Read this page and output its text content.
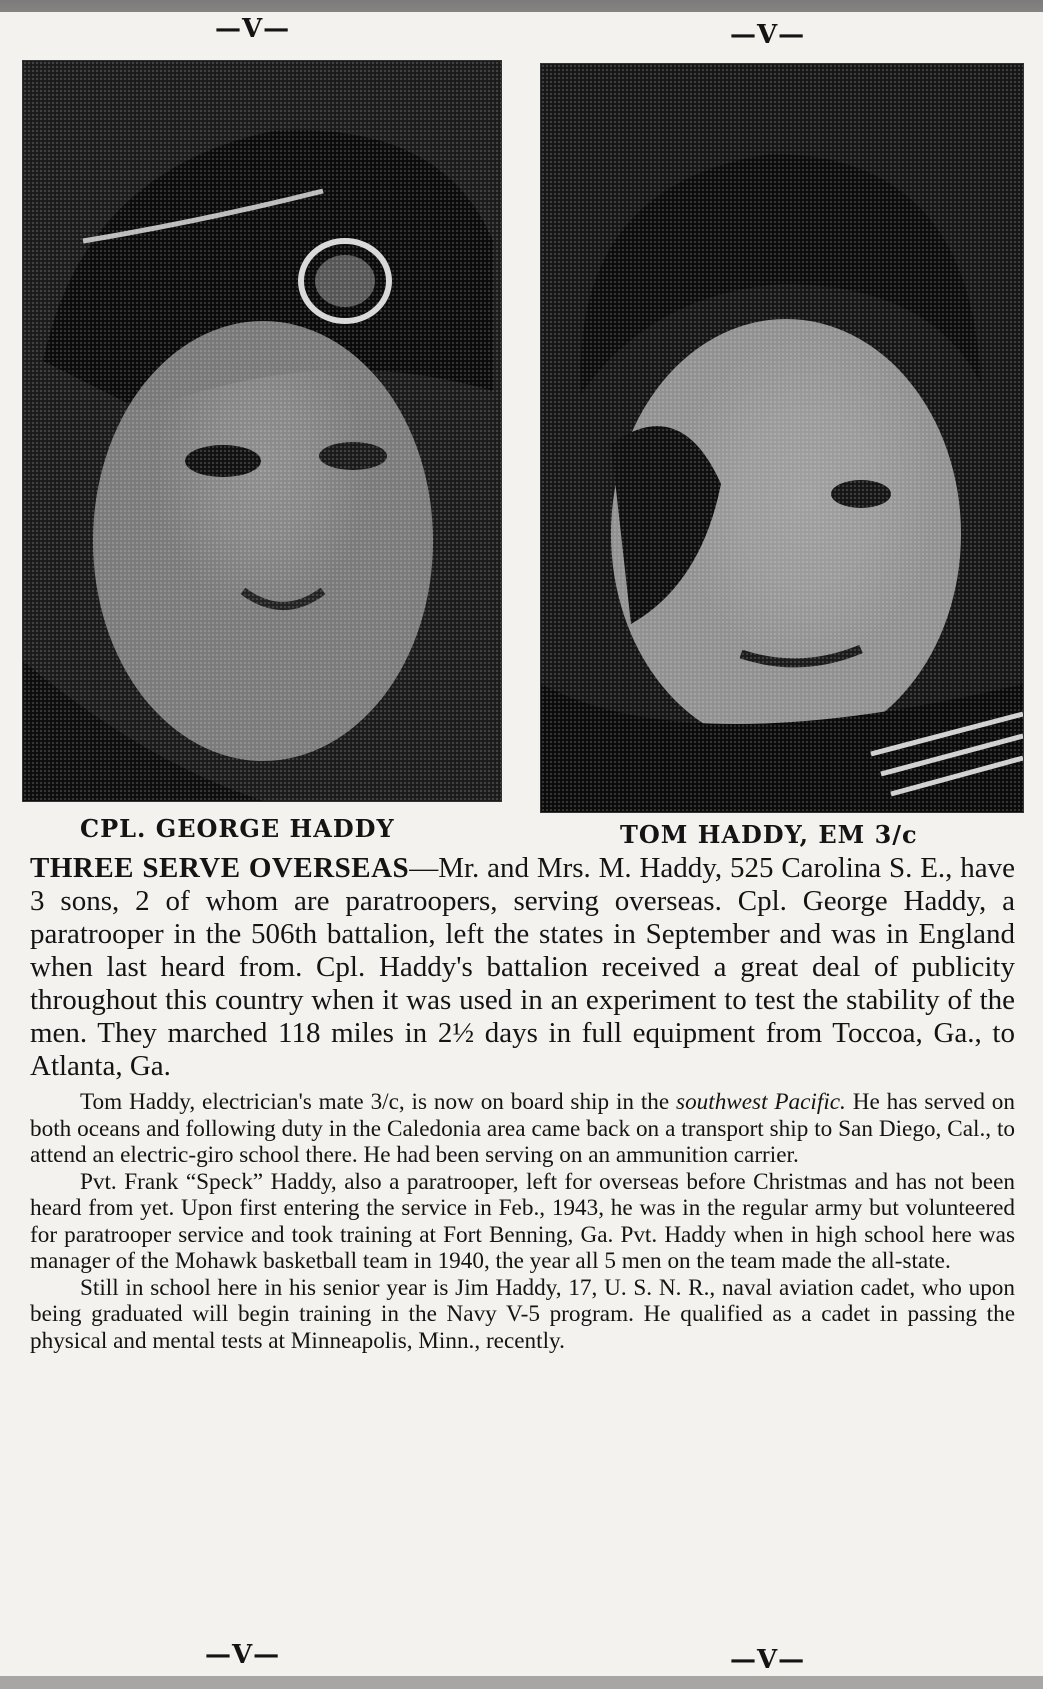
—V—	—V—
CPL. GEORGE HADDY	TOM HADDY, EM 3/c

THREE SERVE OVERSEAS—Mr. and Mrs. M. Haddy, 525 Carolina S. E., have 3 sons, 2 of whom are paratroopers, serving overseas. Cpl. George Haddy, a paratrooper in the 506th battalion, left the states in September and was in England when last heard from. Cpl. Haddy's battalion received a great deal of publicity throughout this country when it was used in an experiment to test the stability of the men. They marched 118 miles in 2½ days in full equipment from Toccoa, Ga., to Atlanta, Ga.

Tom Haddy, electrician's mate 3/c, is now on board ship in the southwest Pacific. He has served on both oceans and following duty in the Caledonia area came back on a transport ship to San Diego, Cal., to attend an electric-giro school there. He had been serving on an ammunition carrier.

Pvt. Frank “Speck” Haddy, also a paratrooper, left for overseas before Christmas and has not been heard from yet. Upon first entering the service in Feb., 1943, he was in the regular army but volunteered for paratrooper service and took training at Fort Benning, Ga. Pvt. Haddy when in high school here was manager of the Mohawk basketball team in 1940, the year all 5 men on the team made the all-state.

Still in school here in his senior year is Jim Haddy, 17, U. S. N. R., naval aviation cadet, who upon being graduated will begin training in the Navy V-5 program. He qualified as a cadet in passing the physical and mental tests at Minneapolis, Minn., recently.

—V—	—V—
